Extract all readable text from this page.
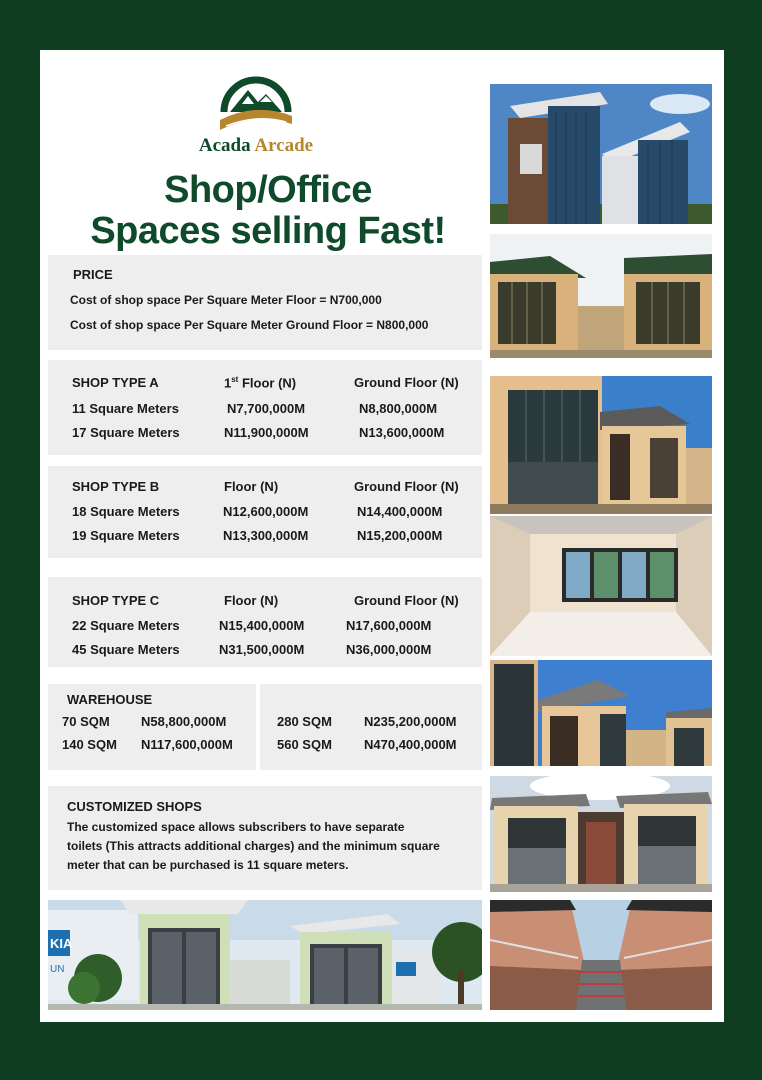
Acada Arcade
Shop/Office
Spaces selling Fast!
PRICE
Cost of shop space Per Square Meter Floor = N700,000
Cost of shop space Per Square Meter Ground Floor = N800,000
SHOP TYPE A	1st Floor (N)	Ground Floor (N)
11 Square Meters	N7,700,000M	N8,800,000M
17 Square Meters	N11,900,000M	N13,600,000M
SHOP TYPE B	Floor (N)	Ground Floor (N)
18 Square Meters	N12,600,000M	N14,400,000M
19 Square Meters	N13,300,000M	N15,200,000M
SHOP TYPE C	Floor (N)	Ground Floor (N)
22 Square Meters	N15,400,000M	N17,600,000M
45 Square Meters	N31,500,000M	N36,000,000M
WAREHOUSE
70 SQM N58,800,000M
140 SQM N117,600,000M
280 SQM N235,200,000M
560 SQM N470,400,000M
CUSTOMIZED SHOPS
The customized space allows subscribers to have separate
toilets (This attracts additional charges) and the minimum square
meter that can be purchased is 11 square meters.
KIA
UN
